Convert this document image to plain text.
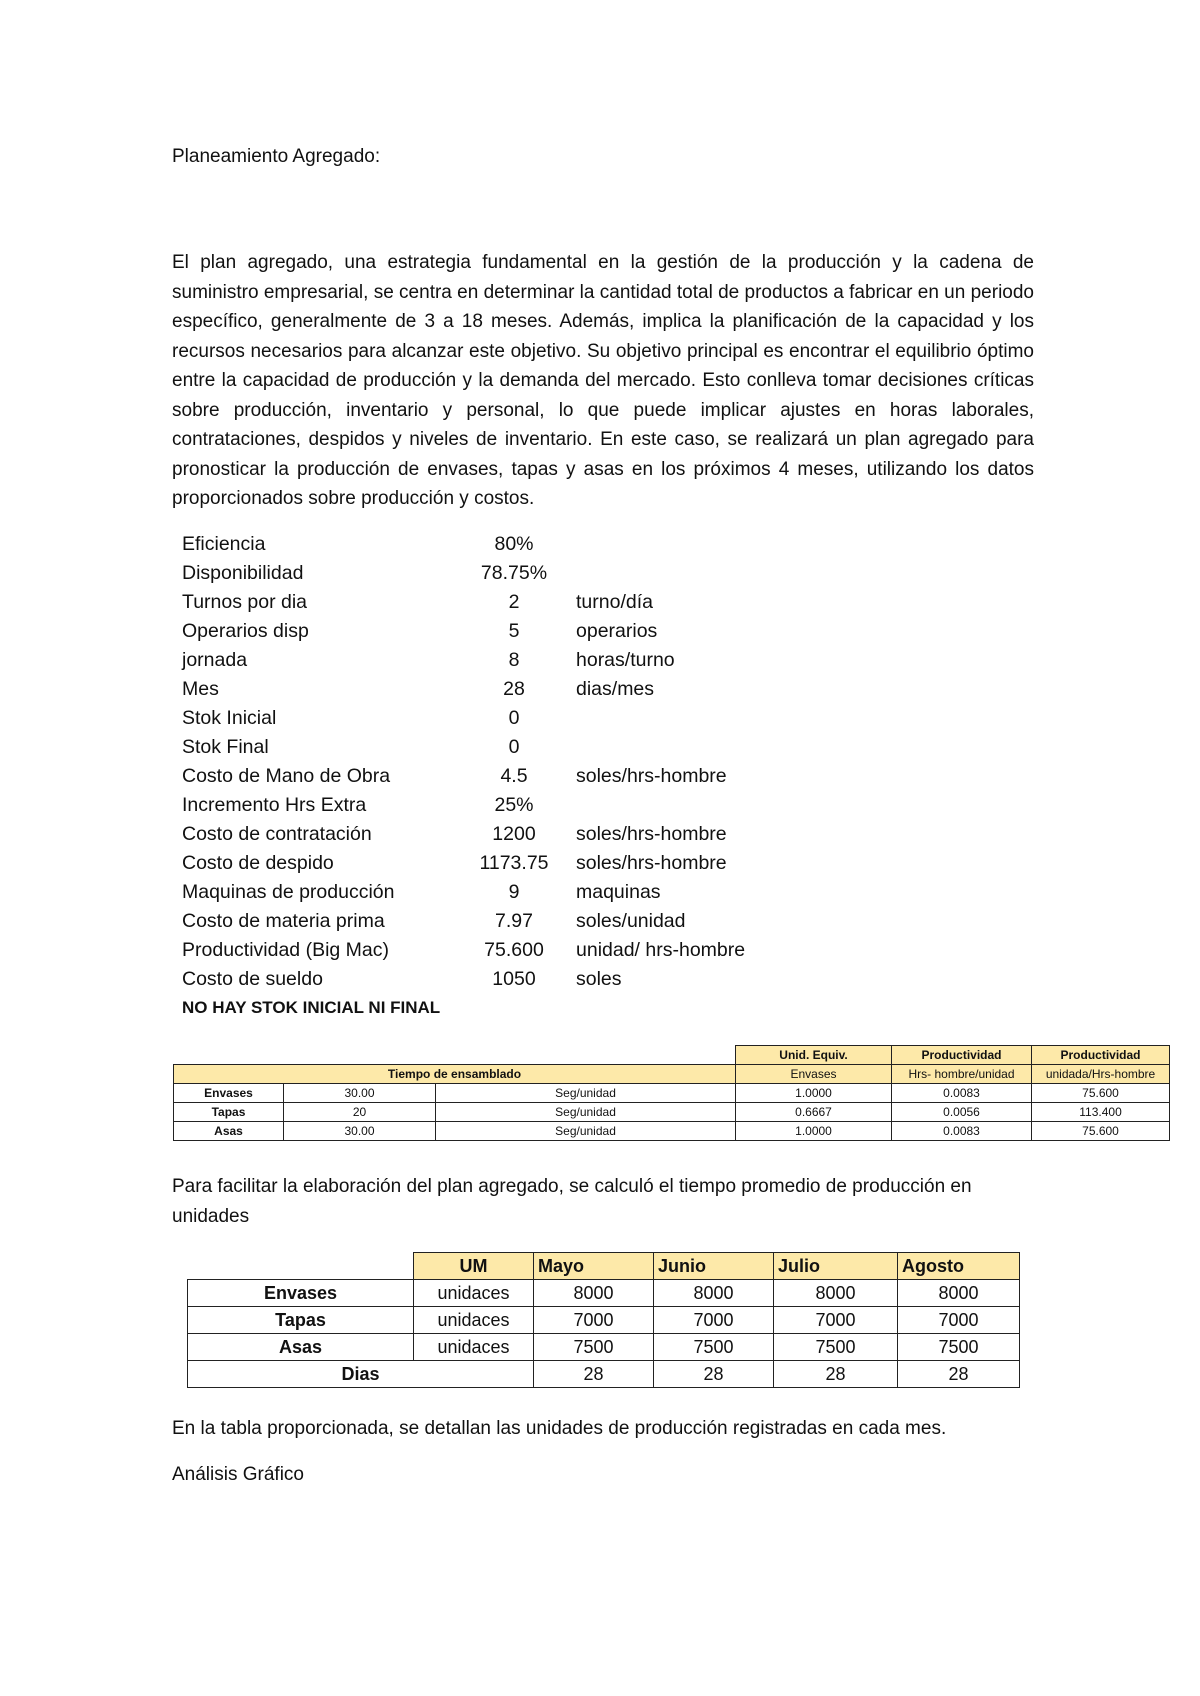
Planeamiento Agregado:

El plan agregado, una estrategia fundamental en la gestión de la producción y la cadena de suministro empresarial, se centra en determinar la cantidad total de productos a fabricar en un periodo específico, generalmente de 3 a 18 meses. Además, implica la planificación de la capacidad y los recursos necesarios para alcanzar este objetivo. Su objetivo principal es encontrar el equilibrio óptimo entre la capacidad de producción y la demanda del mercado. Esto conlleva tomar decisiones críticas sobre producción, inventario y personal, lo que puede implicar ajustes en horas laborales, contrataciones, despidos y niveles de inventario. En este caso, se realizará un plan agregado para pronosticar la producción de envases, tapas y asas en los próximos 4 meses, utilizando los datos proporcionados sobre producción y costos.

Eficiencia	80%	
Disponibilidad	78.75%	
Turnos por dia	2	turno/día
Operarios disp	5	operarios
jornada	8	horas/turno
Mes	28	dias/mes
Stok Inicial	0	
Stok Final	0	
Costo de Mano de Obra	4.5	soles/hrs-hombre
Incremento Hrs Extra	25%	
Costo de contratación	1200	soles/hrs-hombre
Costo de despido	1173.75	soles/hrs-hombre
Maquinas de producción	9	maquinas
Costo de materia prima	7.97	soles/unidad
Productividad (Big Mac)	75.600	unidad/ hrs-hombre
Costo de sueldo	1050	soles
NO HAY STOK INICIAL NI FINAL
			Unid. Equiv.	Productividad	Productividad
Tiempo de ensamblado			Envases	Hrs- hombre/unidad	unidada/Hrs-hombre
Envases	30.00	Seg/unidad	1.0000	0.0083	75.600
Tapas	20	Seg/unidad	0.6667	0.0056	113.400
Asas	30.00	Seg/unidad	1.0000	0.0083	75.600

Para facilitar la elaboración del plan agregado, se calculó el tiempo promedio de producción en unidades

	UM	Mayo	Junio	Julio	Agosto
Envases	unidaces	8000	8000	8000	8000
Tapas	unidaces	7000	7000	7000	7000
Asas	unidaces	7500	7500	7500	7500
Dias		28	28	28	28
En la tabla proporcionada, se detallan las unidades de producción registradas en cada mes.
Análisis Gráfico
